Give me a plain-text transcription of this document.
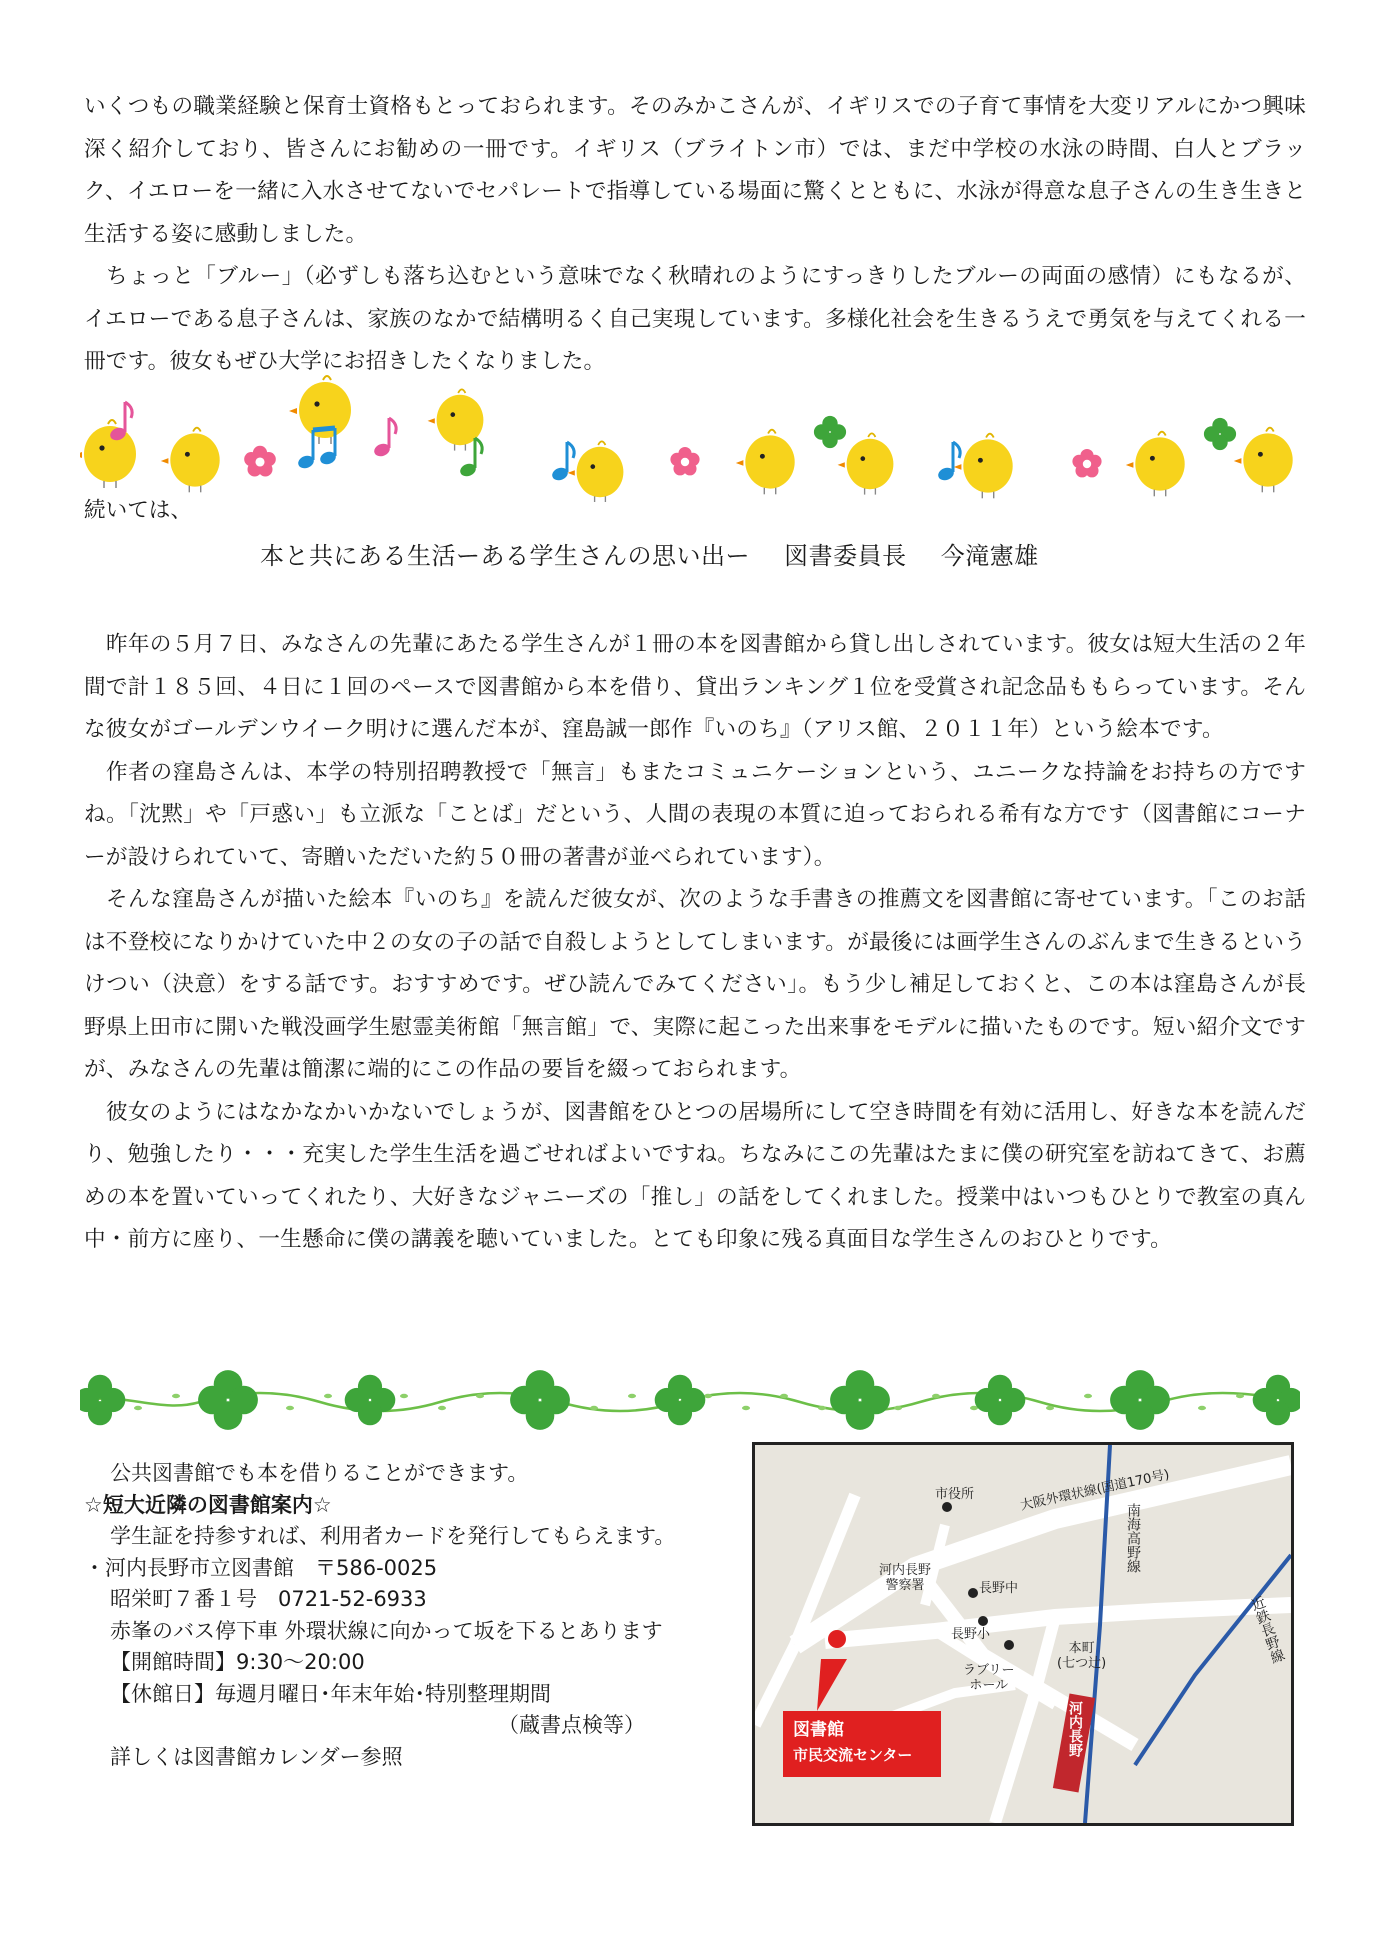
いくつもの職業経験と保育士資格もとっておられます。そのみかこさんが、イギリスでの子育て事情を大変リアルにかつ興味深く紹介しており、皆さんにお勧めの一冊です。イギリス（ブライトン市）では、まだ中学校の水泳の時間、白人とブラック、イエローを一緒に入水させてないでセパレートで指導している場面に驚くとともに、水泳が得意な息子さんの生き生きと生活する姿に感動しました。

ちょっと「ブルー」（必ずしも落ち込むという意味でなく秋晴れのようにすっきりしたブルーの両面の感情）にもなるが、イエローである息子さんは、家族のなかで結構明るく自己実現しています。多様化社会を生きるうえで勇気を与えてくれる一冊です。彼女もぜひ大学にお招きしたくなりました。

続いては、
本と共にある生活ーある学生さんの思い出ー 図書委員長 今滝憲雄

昨年の５月７日、みなさんの先輩にあたる学生さんが１冊の本を図書館から貸し出しされています。彼女は短大生活の２年間で計１８５回、４日に１回のペースで図書館から本を借り、貸出ランキング１位を受賞され記念品ももらっています。そんな彼女がゴールデンウイーク明けに選んだ本が、窪島誠一郎作『いのち』（アリス館、２０１１年）という絵本です。

作者の窪島さんは、本学の特別招聘教授で「無言」もまたコミュニケーションという、ユニークな持論をお持ちの方ですね。「沈黙」や「戸惑い」も立派な「ことば」だという、人間の表現の本質に迫っておられる希有な方です（図書館にコーナーが設けられていて、寄贈いただいた約５０冊の著書が並べられています）。

そんな窪島さんが描いた絵本『いのち』を読んだ彼女が、次のような手書きの推薦文を図書館に寄せています。「このお話は不登校になりかけていた中２の女の子の話で自殺しようとしてしまいます。が最後には画学生さんのぶんまで生きるというけつい（決意）をする話です。おすすめです。ぜひ読んでみてください」。もう少し補足しておくと、この本は窪島さんが長野県上田市に開いた戦没画学生慰霊美術館「無言館」で、実際に起こった出来事をモデルに描いたものです。短い紹介文ですが、みなさんの先輩は簡潔に端的にこの作品の要旨を綴っておられます。

彼女のようにはなかなかいかないでしょうが、図書館をひとつの居場所にして空き時間を有効に活用し、好きな本を読んだり、勉強したり・・・充実した学生生活を過ごせればよいですね。ちなみにこの先輩はたまに僕の研究室を訪ねてきて、お薦めの本を置いていってくれたり、大好きなジャニーズの「推し」の話をしてくれました。授業中はいつもひとりで教室の真ん中・前方に座り、一生懸命に僕の講義を聴いていました。とても印象に残る真面目な学生さんのおひとりです。

公共図書館でも本を借りることができます。
☆短大近隣の図書館案内☆
学生証を持参すれば、利用者カードを発行してもらえます。
・河内長野市立図書館　〒586-0025
昭栄町７番１号　0721-52-6933
赤峯のバス停下車 外環状線に向かって坂を下るとあります
【開館時間】9:30～20:00
【休館日】毎週月曜日･年末年始･特別整理期間
（蔵書点検等）
詳しくは図書館カレンダー参照
市役所	大阪外環状線(国道170号)
南海高野線
近鉄長野線
河内長野
警察署	長野中
長野小
本町
(七つ辻)
ラブリー
ホール
河内長野
図書館
市民交流センター
